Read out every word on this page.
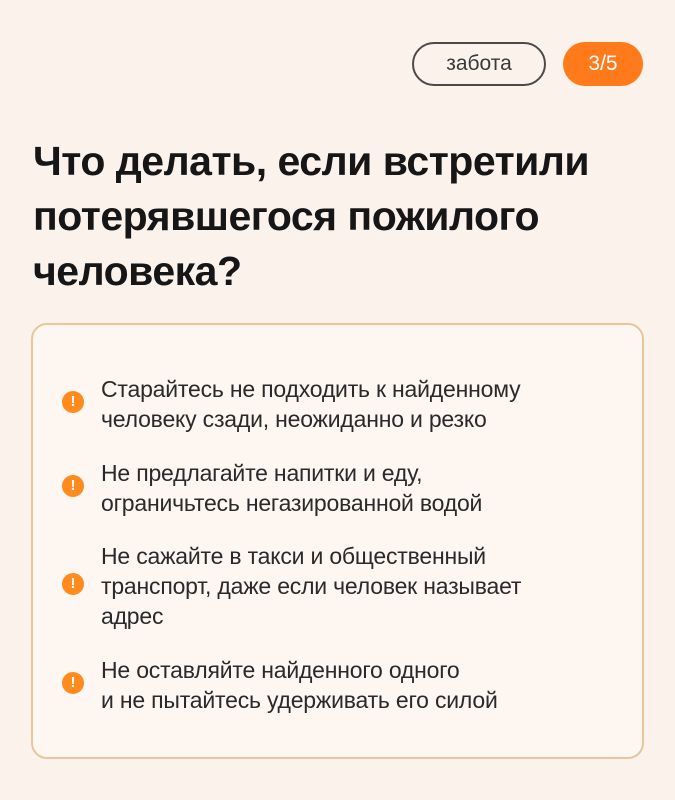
забота	3/5
Что делать, если встретили
потерявшегося пожилого
человека?
!	Старайтесь не подходить к найденному
человеку сзади, неожиданно и резко
!	Не предлагайте напитки и еду,
ограничьтесь негазированной водой
!
Не сажайте в такси и общественный
транспорт, даже если человек называет
адрес
!	Не оставляйте найденного одного
и не пытайтесь удерживать его силой
